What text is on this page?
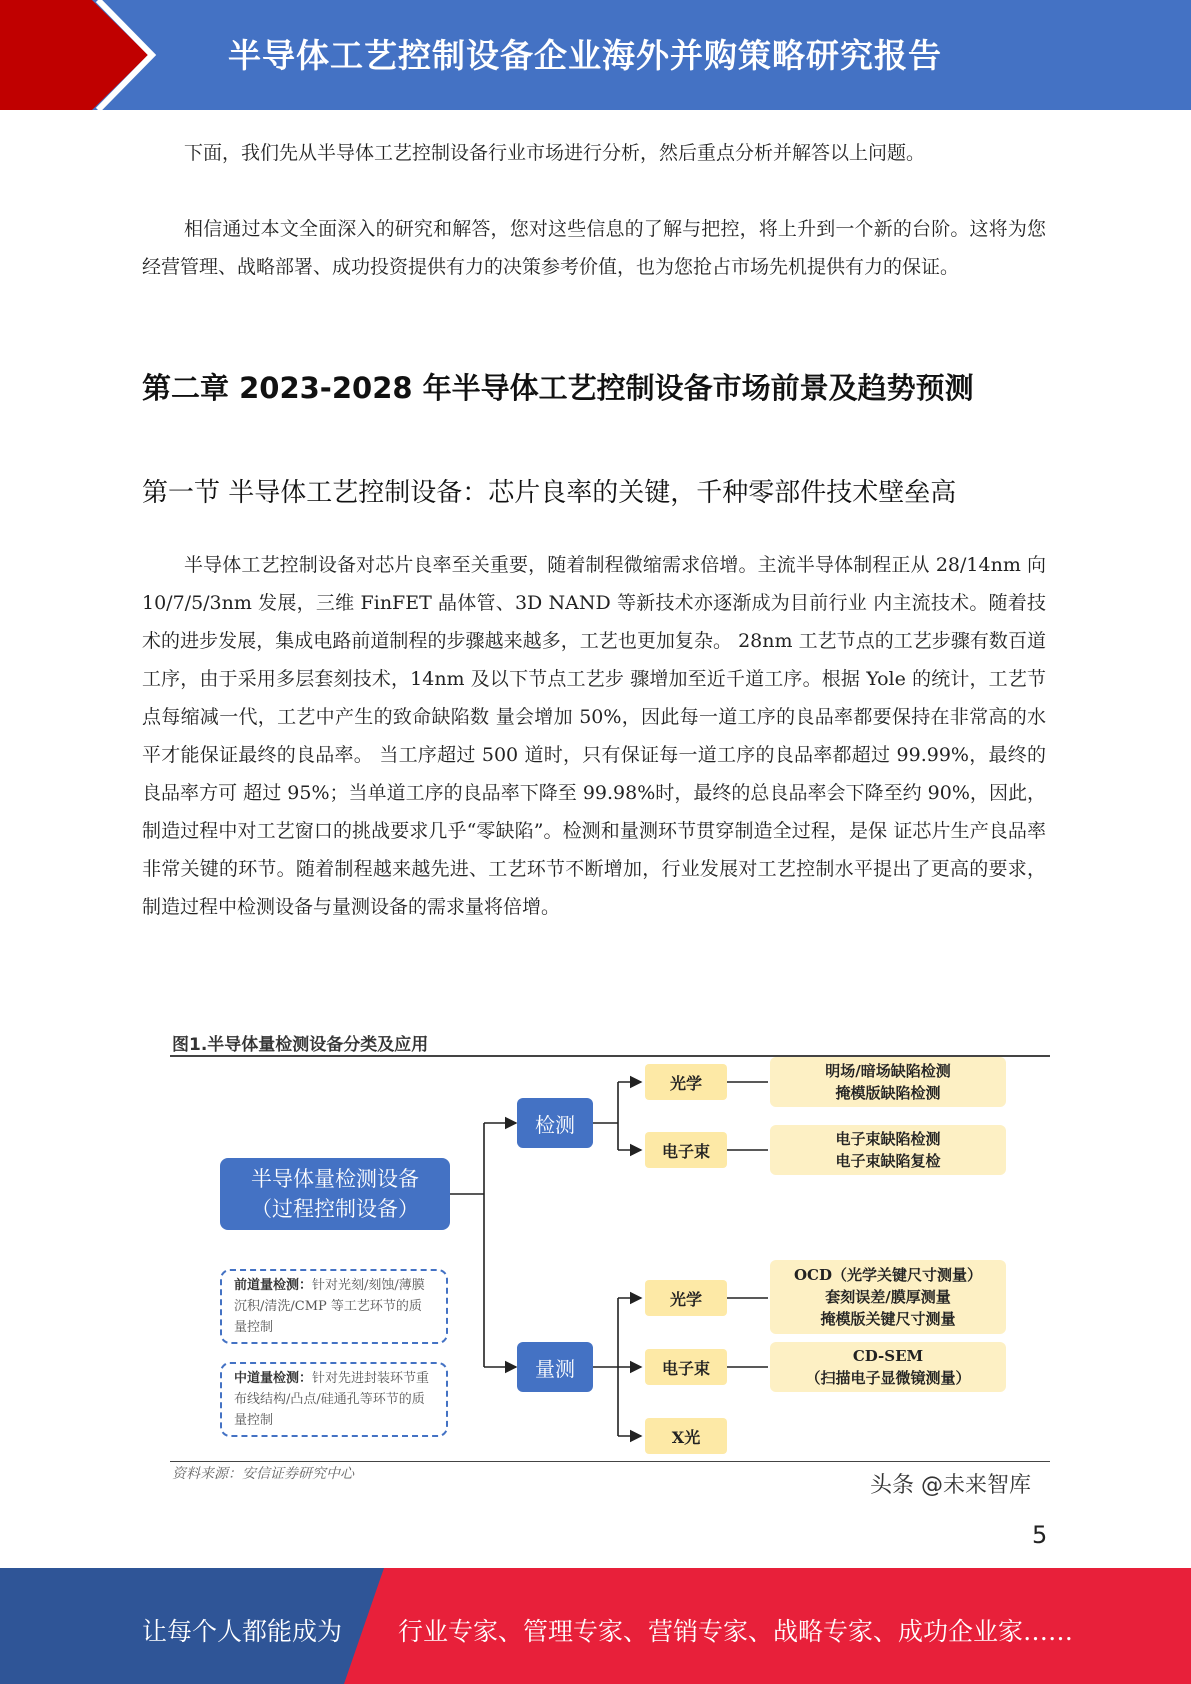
半导体工艺控制设备企业海外并购策略研究报告

下面，我们先从半导体工艺控制设备行业市场进行分析，然后重点分析并解答以上问题。

相信通过本文全面深入的研究和解答，您对这些信息的了解与把控，将上升到一个新的台阶。这将为您经营管理、战略部署、成功投资提供有力的决策参考价值，也为您抢占市场先机提供有力的保证。

第二章 2023-2028 年半导体工艺控制设备市场前景及趋势预测
第一节 半导体工艺控制设备：芯片良率的关键，千种零部件技术壁垒高

半导体工艺控制设备对芯片良率至关重要，随着制程微缩需求倍增。主流半导体制程正从 28/14nm 向 10/7/5/3nm 发展，三维 FinFET 晶体管、3D NAND 等新技术亦逐渐成为目前行业 内主流技术。随着技术的进步发展，集成电路前道制程的步骤越来越多，工艺也更加复杂。 28nm 工艺节点的工艺步骤有数百道工序，由于采用多层套刻技术，14nm 及以下节点工艺步 骤增加至近千道工序。根据 Yole 的统计，工艺节点每缩减一代，工艺中产生的致命缺陷数 量会增加 50%，因此每一道工序的良品率都要保持在非常高的水平才能保证最终的良品率。 当工序超过 500 道时，只有保证每一道工序的良品率都超过 99.99%，最终的良品率方可 超过 95%；当单道工序的良品率下降至 99.98%时，最终的总良品率会下降至约 90%，因此， 制造过程中对工艺窗口的挑战要求几乎“零缺陷”。检测和量测环节贯穿制造全过程，是保 证芯片生产良品率非常关键的环节。随着制程越来越先进、工艺环节不断增加，行业发展对工艺控制水平提出了更高的要求，制造过程中检测设备与量测设备的需求量将倍增。

图1.半导体量检测设备分类及应用
半导体量检测设备
（过程控制设备）
检测
量测
光学
电子束
光学
电子束
X光
明场/暗场缺陷检测
掩模版缺陷检测
电子束缺陷检测
电子束缺陷复检
OCD（光学关键尺寸测量）
套刻误差/膜厚测量
掩模版关键尺寸测量
CD-SEM
（扫描电子显微镜测量）
前道量检测：针对光刻/刻蚀/薄膜沉积/清洗/CMP 等工艺环节的质量控制
中道量检测：针对先进封装环节重布线结构/凸点/硅通孔等环节的质量控制
资料来源：安信证券研究中心	头条 @未来智库
5
让每个人都能成为 行业专家、管理专家、营销专家、战略专家、成功企业家……
